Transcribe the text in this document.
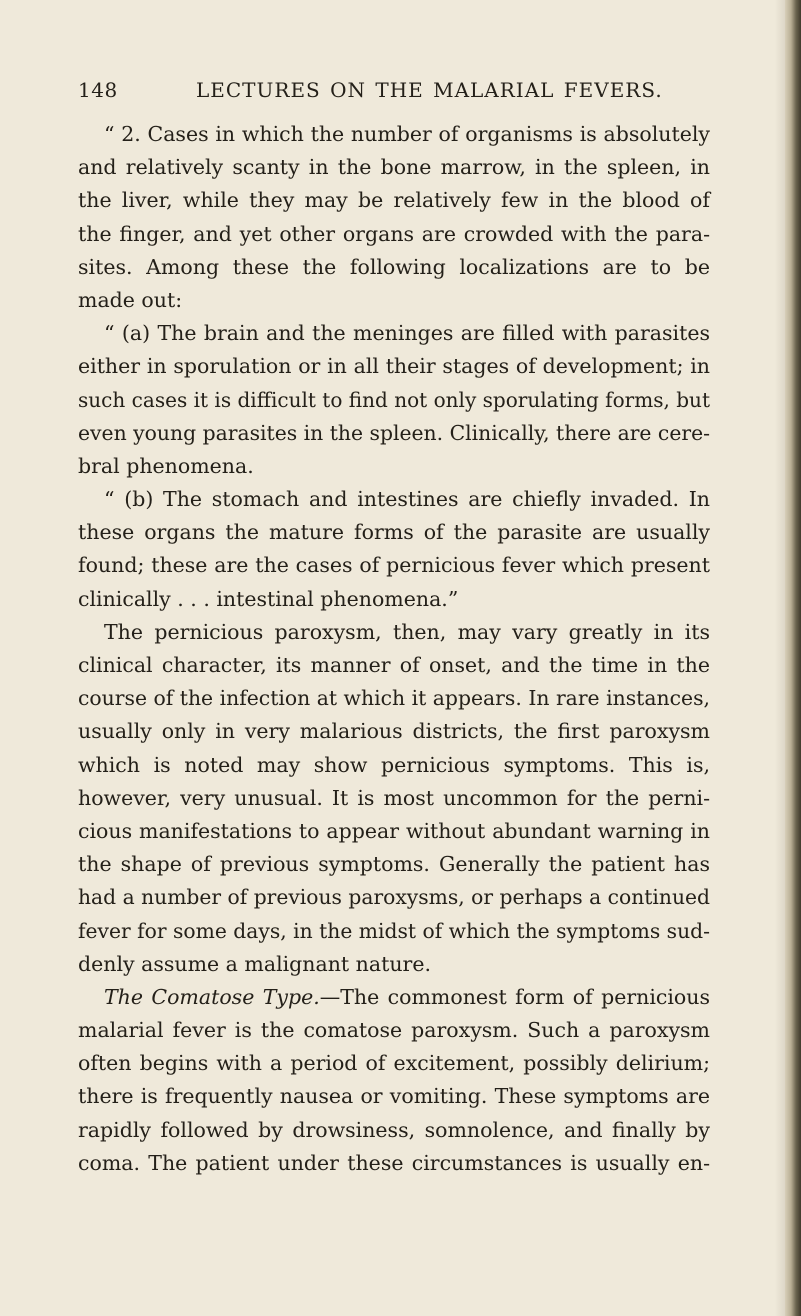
148	LECTURES ON THE MALARIAL FEVERS.
“ 2. Cases in which the number of organisms is absolutely
and relatively scanty in the bone marrow, in the spleen, in
the liver, while they may be relatively few in the blood of
the finger, and yet other organs are crowded with the para-
sites. Among these the following localizations are to be
made out:
“ (a) The brain and the meninges are filled with parasites
either in sporulation or in all their stages of development; in
such cases it is difficult to find not only sporulating forms, but
even young parasites in the spleen. Clinically, there are cere-
bral phenomena.
“ (b) The stomach and intestines are chiefly invaded. In
these organs the mature forms of the parasite are usually
found; these are the cases of pernicious fever which present
clinically . . . intestinal phenomena.”
The pernicious paroxysm, then, may vary greatly in its
clinical character, its manner of onset, and the time in the
course of the infection at which it appears. In rare instances,
usually only in very malarious districts, the first paroxysm
which is noted may show pernicious symptoms. This is,
however, very unusual. It is most uncommon for the perni-
cious manifestations to appear without abundant warning in
the shape of previous symptoms. Generally the patient has
had a number of previous paroxysms, or perhaps a continued
fever for some days, in the midst of which the symptoms sud-
denly assume a malignant nature.
The Comatose Type.—The commonest form of pernicious
malarial fever is the comatose paroxysm. Such a paroxysm
often begins with a period of excitement, possibly delirium;
there is frequently nausea or vomiting. These symptoms are
rapidly followed by drowsiness, somnolence, and finally by
coma. The patient under these circumstances is usually en-
